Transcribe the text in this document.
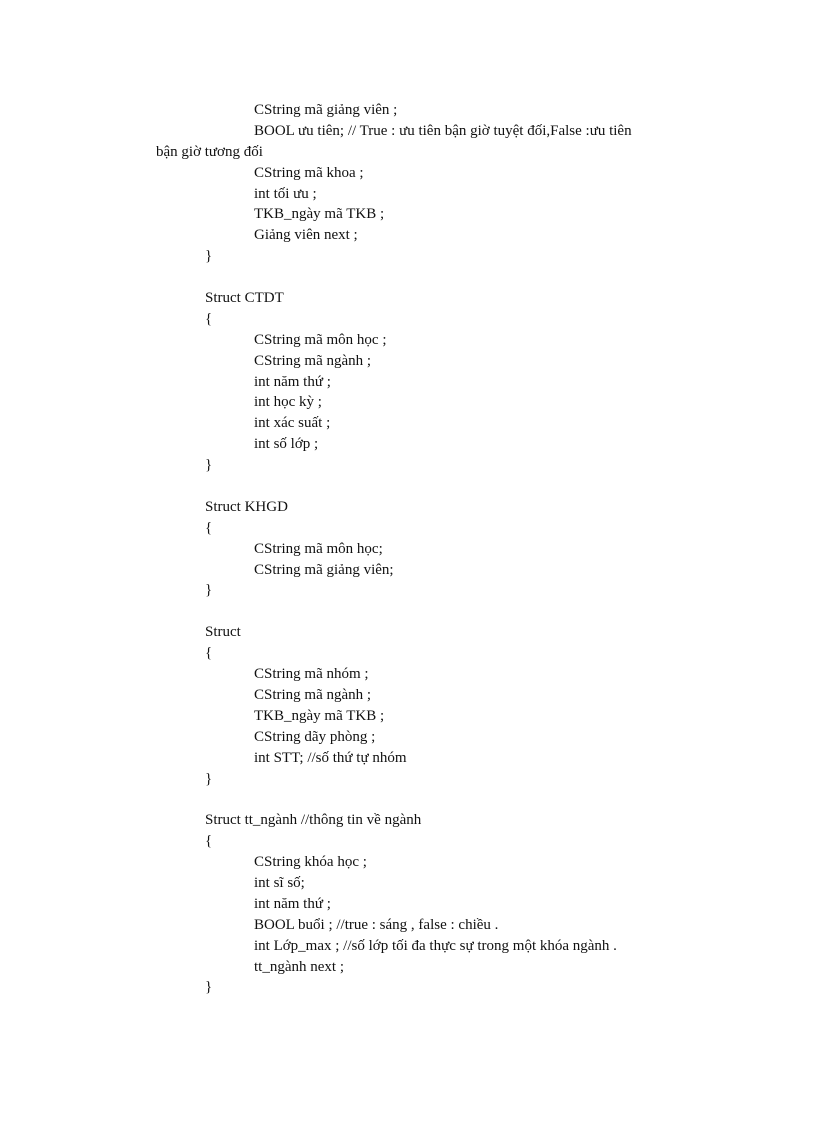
CString mã giảng viên ;
BOOL ưu tiên; // True : ưu tiên bận giờ tuyệt đối,False :ưu tiên
bận giờ tương đối
CString mã khoa ;
int tối ưu ;
TKB_ngày mã TKB ;
Giảng viên next ;
}
Struct CTDT
{
CString mã môn học ;
CString mã ngành ;
int năm thứ ;
int học kỳ ;
int xác suất ;
int số lớp ;
}
Struct KHGD
{
CString mã môn học;
CString mã giảng viên;
}
Struct
{
CString mã nhóm ;
CString mã ngành ;
TKB_ngày mã TKB ;
CString dãy phòng ;
int STT; //số thứ tự nhóm
}
Struct tt_ngành //thông tin về ngành
{
CString khóa học ;
int sĩ số;
int năm thứ ;
BOOL buổi ; //true : sáng , false : chiều .
int Lớp_max ; //số lớp tối đa thực sự trong một khóa ngành .
tt_ngành next ;
}
